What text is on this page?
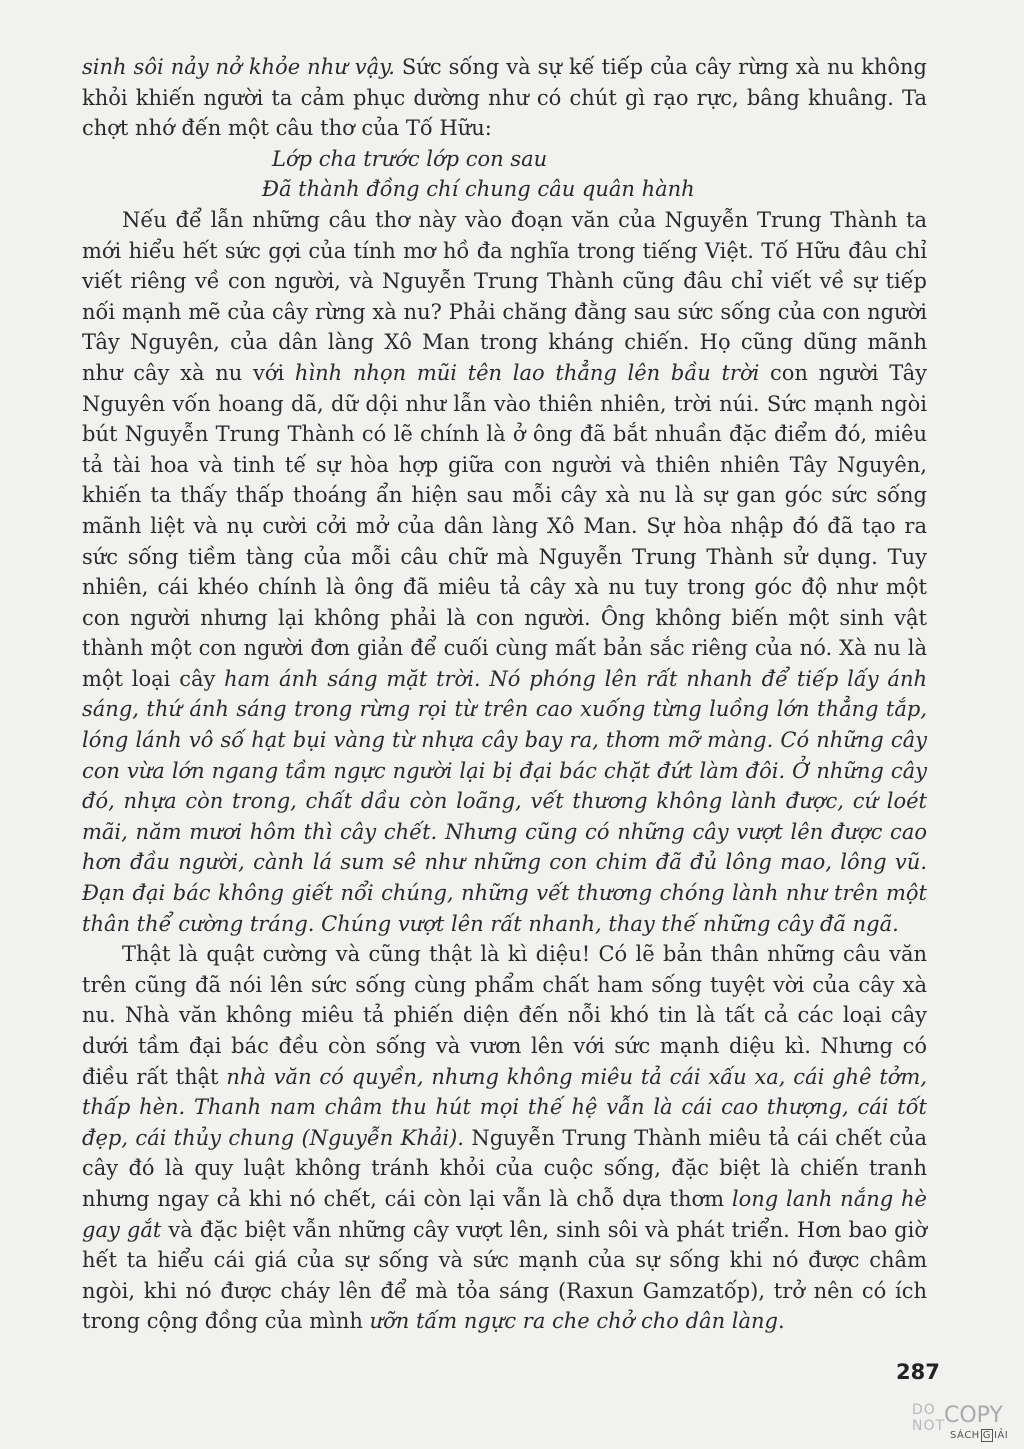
sinh sôi nảy nở khỏe như vậy. Sức sống và sự kế tiếp của cây rừng xà nu không khỏi khiến người ta cảm phục dường như có chút gì rạo rực, bâng khuâng. Ta chợt nhớ đến một câu thơ của Tố Hữu:

Lớp cha trước lớp con sau
Đã thành đồng chí chung câu quân hành

Nếu để lẫn những câu thơ này vào đoạn văn của Nguyễn Trung Thành ta mới hiểu hết sức gợi của tính mơ hồ đa nghĩa trong tiếng Việt. Tố Hữu đâu chỉ viết riêng về con người, và Nguyễn Trung Thành cũng đâu chỉ viết về sự tiếp nối mạnh mẽ của cây rừng xà nu? Phải chăng đằng sau sức sống của con người Tây Nguyên, của dân làng Xô Man trong kháng chiến. Họ cũng dũng mãnh như cây xà nu với hình nhọn mũi tên lao thẳng lên bầu trời con người Tây Nguyên vốn hoang dã, dữ dội như lẫn vào thiên nhiên, trời núi. Sức mạnh ngòi bút Nguyễn Trung Thành có lẽ chính là ở ông đã bắt nhuần đặc điểm đó, miêu tả tài hoa và tinh tế sự hòa hợp giữa con người và thiên nhiên Tây Nguyên, khiến ta thấy thấp thoáng ẩn hiện sau mỗi cây xà nu là sự gan góc sức sống mãnh liệt và nụ cười cởi mở của dân làng Xô Man. Sự hòa nhập đó đã tạo ra sức sống tiềm tàng của mỗi câu chữ mà Nguyễn Trung Thành sử dụng. Tuy nhiên, cái khéo chính là ông đã miêu tả cây xà nu tuy trong góc độ như một con người nhưng lại không phải là con người. Ông không biến một sinh vật thành một con người đơn giản để cuối cùng mất bản sắc riêng của nó. Xà nu là một loại cây ham ánh sáng mặt trời. Nó phóng lên rất nhanh để tiếp lấy ánh sáng, thứ ánh sáng trong rừng rọi từ trên cao xuống từng luồng lớn thẳng tắp, lóng lánh vô số hạt bụi vàng từ nhựa cây bay ra, thơm mỡ màng. Có những cây con vừa lớn ngang tầm ngực người lại bị đại bác chặt đứt làm đôi. Ở những cây đó, nhựa còn trong, chất dầu còn loãng, vết thương không lành được, cứ loét mãi, năm mươi hôm thì cây chết. Nhưng cũng có những cây vượt lên được cao hơn đầu người, cành lá sum sê như những con chim đã đủ lông mao, lông vũ. Đạn đại bác không giết nổi chúng, những vết thương chóng lành như trên một thân thể cường tráng. Chúng vượt lên rất nhanh, thay thế những cây đã ngã.

Thật là quật cường và cũng thật là kì diệu! Có lẽ bản thân những câu văn trên cũng đã nói lên sức sống cùng phẩm chất ham sống tuyệt vời của cây xà nu. Nhà văn không miêu tả phiến diện đến nỗi khó tin là tất cả các loại cây dưới tầm đại bác đều còn sống và vươn lên với sức mạnh diệu kì. Nhưng có điều rất thật nhà văn có quyền, nhưng không miêu tả cái xấu xa, cái ghê tởm, thấp hèn. Thanh nam châm thu hút mọi thế hệ vẫn là cái cao thượng, cái tốt đẹp, cái thủy chung (Nguyễn Khải). Nguyễn Trung Thành miêu tả cái chết của cây đó là quy luật không tránh khỏi của cuộc sống, đặc biệt là chiến tranh nhưng ngay cả khi nó chết, cái còn lại vẫn là chỗ dựa thơm long lanh nắng hè gay gắt và đặc biệt vẫn những cây vượt lên, sinh sôi và phát triển. Hơn bao giờ hết ta hiểu cái giá của sự sống và sức mạnh của sự sống khi nó được châm ngòi, khi nó được cháy lên để mà tỏa sáng (Raxun Gamzatốp), trở nên có ích trong cộng đồng của mình ưỡn tấm ngực ra che chở cho dân làng.

287
DO
NOT
COPY
SÁCH G IẢI
